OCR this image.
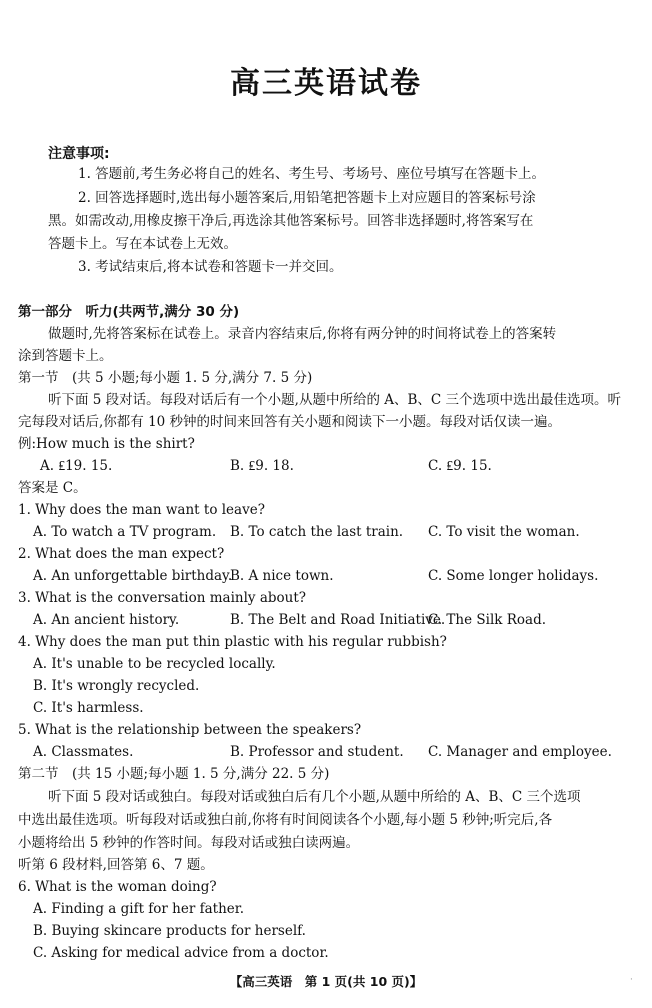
高三英语试卷
注意事项:
1. 答题前,考生务必将自己的姓名、考生号、考场号、座位号填写在答题卡上。
2. 回答选择题时,选出每小题答案后,用铅笔把答题卡上对应题目的答案标号涂
黑。如需改动,用橡皮擦干净后,再选涂其他答案标号。回答非选择题时,将答案写在
答题卡上。写在本试卷上无效。
3. 考试结束后,将本试卷和答题卡一并交回。
第一部分　听力(共两节,满分 30 分)
做题时,先将答案标在试卷上。录音内容结束后,你将有两分钟的时间将试卷上的答案转
涂到答题卡上。
第一节　(共 5 小题;每小题 1. 5 分,满分 7. 5 分)
听下面 5 段对话。每段对话后有一个小题,从题中所给的 A、B、C 三个选项中选出最佳选项。听
完每段对话后,你都有 10 秒钟的时间来回答有关小题和阅读下一小题。每段对话仅读一遍。
例:How much is the shirt?
A. ₤19. 15.	B. ₤9. 18.	C. ₤9. 15.
答案是 C。
1. Why does the man want to leave?
A. To watch a TV program. B. To catch the last train. C. To visit the woman.
2. What does the man expect?
A. An unforgettable birthday.
B. A nice town.	C. Some longer holidays.
3. What is the conversation mainly about?
A. An ancient history.	B. The Belt and Road Initiative.
C. The Silk Road.
4. Why does the man put thin plastic with his regular rubbish?
A. It's unable to be recycled locally.
B. It's wrongly recycled.
C. It's harmless.
5. What is the relationship between the speakers?
A. Classmates.	B. Professor and student. C. Manager and employee.
第二节　(共 15 小题;每小题 1. 5 分,满分 22. 5 分)
听下面 5 段对话或独白。每段对话或独白后有几个小题,从题中所给的 A、B、C 三个选项
中选出最佳选项。听每段对话或独白前,你将有时间阅读各个小题,每小题 5 秒钟;听完后,各
小题将给出 5 秒钟的作答时间。每段对话或独白读两遍。
听第 6 段材料,回答第 6、7 题。
6. What is the woman doing?
A. Finding a gift for her father.
B. Buying skincare products for herself.
C. Asking for medical advice from a doctor.
【高三英语　第 1 页(共 10 页)】	·
